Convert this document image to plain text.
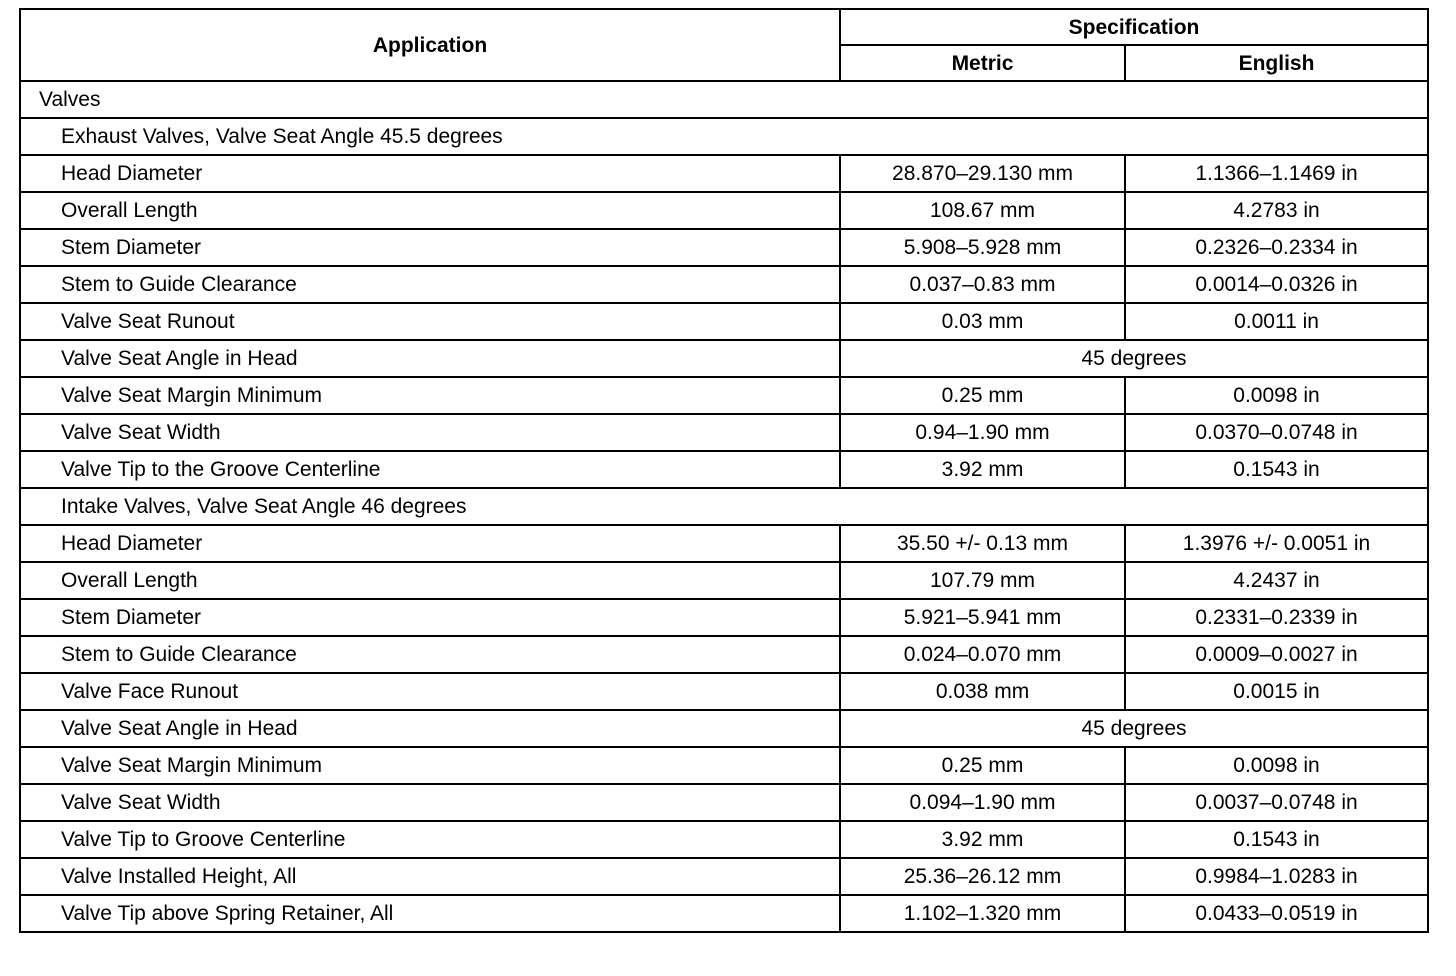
Application	Specification	
	Metric	English
Valves		
Exhaust Valves, Valve Seat Angle 45.5 degrees		
Head Diameter	28.870–29.130 mm	1.1366–1.1469 in
Overall Length	108.67 mm	4.2783 in
Stem Diameter	5.908–5.928 mm	0.2326–0.2334 in
Stem to Guide Clearance	0.037–0.83 mm	0.0014–0.0326 in
Valve Seat Runout	0.03 mm	0.0011 in
Valve Seat Angle in Head	45 degrees	
Valve Seat Margin Minimum	0.25 mm	0.0098 in
Valve Seat Width	0.94–1.90 mm	0.0370–0.0748 in
Valve Tip to the Groove Centerline	3.92 mm	0.1543 in
Intake Valves, Valve Seat Angle 46 degrees		
Head Diameter	35.50 +/- 0.13 mm	1.3976 +/- 0.0051 in
Overall Length	107.79 mm	4.2437 in
Stem Diameter	5.921–5.941 mm	0.2331–0.2339 in
Stem to Guide Clearance	0.024–0.070 mm	0.0009–0.0027 in
Valve Face Runout	0.038 mm	0.0015 in
Valve Seat Angle in Head	45 degrees	
Valve Seat Margin Minimum	0.25 mm	0.0098 in
Valve Seat Width	0.094–1.90 mm	0.0037–0.0748 in
Valve Tip to Groove Centerline	3.92 mm	0.1543 in
Valve Installed Height, All	25.36–26.12 mm	0.9984–1.0283 in
Valve Tip above Spring Retainer, All	1.102–1.320 mm	0.0433–0.0519 in
